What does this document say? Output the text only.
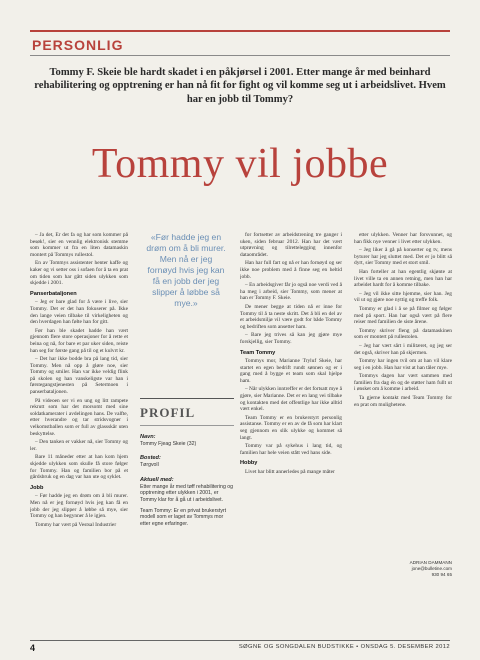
PERSONLIG
Tommy F. Skeie ble hardt skadet i en påkjørsel i 2001. Etter mange år med beinhard rehabilitering og opptrening er han nå fit for fight og vil komme seg ut i arbeidslivet. Hvem har en jobb til Tommy?
Tommy vil jobbe

– Ja det, Er det fa og har som kommer på besøk!, sier en vennlig elektronisk stemme som kommer ut fra en liten datamaskin montert på Tommys rullestol.

En av Tommys assistenter henter kaffe og kaker og vi setter oss i sofaen for å ta en prat om tiden som har gått siden ulykken som skjedde i 2001.

Panserbataljonen

– Jeg er bare glad for å være i live, sier Tommy. Det er det han fokuserer på. Ikke den lange veien tilbake til virkeligheten og den hverdagen han følte han for gitt.

Før han ble skadet hadde han vært gjennom flere store operasjoner for å rette et beina og nå, for bare et par uker siden, reiste han seg for første gang på til og et kulvrt kr.

– Det har ikke bodde bra på lang tid, sier Tommy. Men nå opp å gløre noe, sier Tommy og smiler. Han var ikke veldig flink på skolen og han vanskeligste var han i førstegangstjenesten på Setermoen i panserbataljonen.

På videoen ser vi en ung og litt rampete rekrutt som har det morsomt med sine soldatkamerater i avdelingen hans. De valfte, etter hverandre og tar stridsvogner i velkomstballen som er full av glassskår uten beskyttelse.

– Den tanken er vakker nå, sier Tommy og ler.

Bare 11 måneder etter at han kom hjem skjedde ulykken som skulle få store følger for Tommy. Han og familien bor på et gårdsbruk og en dag var han ute og syklet.

Jobb

– Før hadde jeg en drøm om å bli murer. Men nå er jeg fornøyd hvis jeg kan få en jobb der jeg slipper å løbbe så mye, sier Tommy og han begynner å le igjen.

Tommy har vært på Vestsal Industrier

«Før hadde jeg en drøm om å bli murer. Men nå er jeg fornøyd hvis jeg kan få en jobb der jeg slipper å løbbe så mye.»
PROFIL
Navn:
Tommy Fjeag Skeie (32)
Bosted:
Tørgvoll
Aktuell med:
Etter mange år med tøff rehabilitering og opptrening etter ulykken i 2001, er Tommy klar for å gå ut i arbeidslivet.
Team Tommy: Er en privat brukerstyrt modell som er laget av Tommys mor etter egne erfaringer.

for fortsetter av arbeidstrening tre ganger i uken, siden februar 2012. Han har det vært utprøvning og tilrettelegging innenfor dataområdet.

Han har full fart og nå er han fornøyd og ser ikke noe problem med å finne seg en heltid jobb.

– En arbeidsgiver får jo også noe verdi ved å ha meg i arbeid, sier Tommy, som mener at han er Tommy F. Skeie.

De mener begge at tiden nå er inne for Tommy til å ta neste skritt. Det å bli en del av et arbeidsmiljø vil være godt for både Tommy og bedriften som ansetter ham.

– Bare jeg trives så kan jeg gjøre mye forskjellig, sier Tommy.

Team Tommy

Tommys mor, Marianne Tryluf Skeie, har startet en egen bedrift rundt sønnen og er i gang med å bygge et team som skal hjelpe ham.

– Når ulykken inntreffer er det fortsatt mye å gjøre, sier Marianne. Det er en lang vei tilbake og kontakten med det offentlige har ikke alltid vært enkel.

Team Tommy er en brukerstyrt personlig assistanse. Tommy er en av de få som har klart seg gjennom en slik ulykke og kommet så langt.

Tommy var på sykehus i lang tid, og familien har hele veien stått ved hans side.

Hobby

Livet har blitt annerledes på mange måter

etter ulykken. Venner har forsvunnet, og han fikk nye venner i livet etter ulykken.

– Jeg liker å gå på konserter og tv, mens byturer har jeg sluttet med. Det er jo blitt så dyrt, sier Tommy med et stort smil.

Han forteller at han egentlig skjønte at livet ville ta en annen retning, men han har arbeidet hardt for å komme tilbake.

– Jeg vil ikke sitte hjemme, sier han. Jeg vil ut og gjøre noe nyttig og treffe folk.

Tommy er glad i å se på filmer og følger med på sport. Han har også vært på flere reiser med familien de siste årene.

Tommy skriver fleng på datamaskinen som er montert på rullestolen.

– Jeg har vært sårt i militæret, og jeg ser det også, skriver han på skjermen.

Tommy har ingen tvil om at han vil klare seg i en jobb. Han har vist at han tåler mye.

Tommys dagen har vært sammen med familien fra dag én og de støtter ham fullt ut i ønsket om å komme i arbeid.

Ta gjerne kontakt med Team Tommy for en prat om mulighetene.

ADRIAN DAMMANN
jone@bulletine.com
930 94 65
4	SØGNE OG SONGDALEN BUDSTIKKE • ONSDAG 5. DESEMBER 2012
